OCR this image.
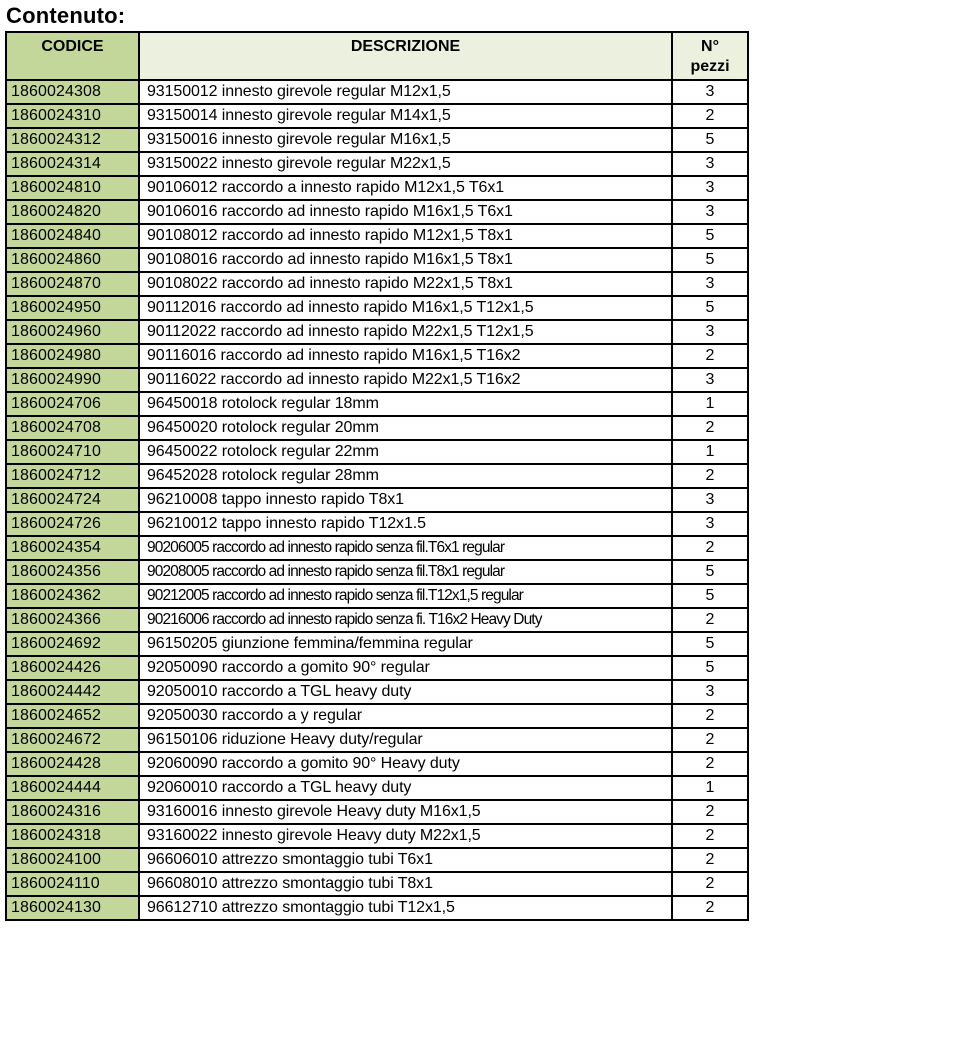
Contenuto:
CODICE	DESCRIZIONE	N°
pezzi
1860024308	93150012 innesto girevole regular M12x1,5	3
1860024310	93150014 innesto girevole regular M14x1,5	2
1860024312	93150016 innesto girevole regular M16x1,5	5
1860024314	93150022 innesto girevole regular M22x1,5	3
1860024810	90106012 raccordo a innesto rapido M12x1,5 T6x1	3
1860024820	90106016 raccordo ad innesto rapido M16x1,5 T6x1	3
1860024840	90108012 raccordo ad innesto rapido M12x1,5 T8x1	5
1860024860	90108016 raccordo ad innesto rapido M16x1,5 T8x1	5
1860024870	90108022 raccordo ad innesto rapido M22x1,5 T8x1	3
1860024950	90112016 raccordo ad innesto rapido M16x1,5 T12x1,5	5
1860024960	90112022 raccordo ad innesto rapido M22x1,5 T12x1,5	3
1860024980	90116016 raccordo ad innesto rapido M16x1,5 T16x2	2
1860024990	90116022 raccordo ad innesto rapido M22x1,5 T16x2	3
1860024706	96450018 rotolock regular 18mm	1
1860024708	96450020 rotolock regular 20mm	2
1860024710	96450022 rotolock regular 22mm	1
1860024712	96452028 rotolock regular 28mm	2
1860024724	96210008 tappo innesto rapido T8x1	3
1860024726	96210012 tappo innesto rapido T12x1.5	3
1860024354	90206005 raccordo ad innesto rapido senza fil.T6x1 regular	2
1860024356	90208005 raccordo ad innesto rapido senza fil.T8x1 regular	5
1860024362	90212005 raccordo ad innesto rapido senza fil.T12x1,5 regular	5
1860024366	90216006 raccordo ad innesto rapido senza fi. T16x2 Heavy Duty	2
1860024692	96150205 giunzione femmina/femmina regular	5
1860024426	92050090 raccordo a gomito 90° regular	5
1860024442	92050010 raccordo a TGL heavy duty	3
1860024652	92050030 raccordo a y regular	2
1860024672	96150106 riduzione Heavy duty/regular	2
1860024428	92060090 raccordo a gomito 90° Heavy duty	2
1860024444	92060010 raccordo a TGL heavy duty	1
1860024316	93160016 innesto girevole Heavy duty M16x1,5	2
1860024318	93160022 innesto girevole Heavy duty M22x1,5	2
1860024100	96606010 attrezzo smontaggio tubi T6x1	2
1860024110	96608010 attrezzo smontaggio tubi T8x1	2
1860024130	96612710 attrezzo smontaggio tubi T12x1,5	2
